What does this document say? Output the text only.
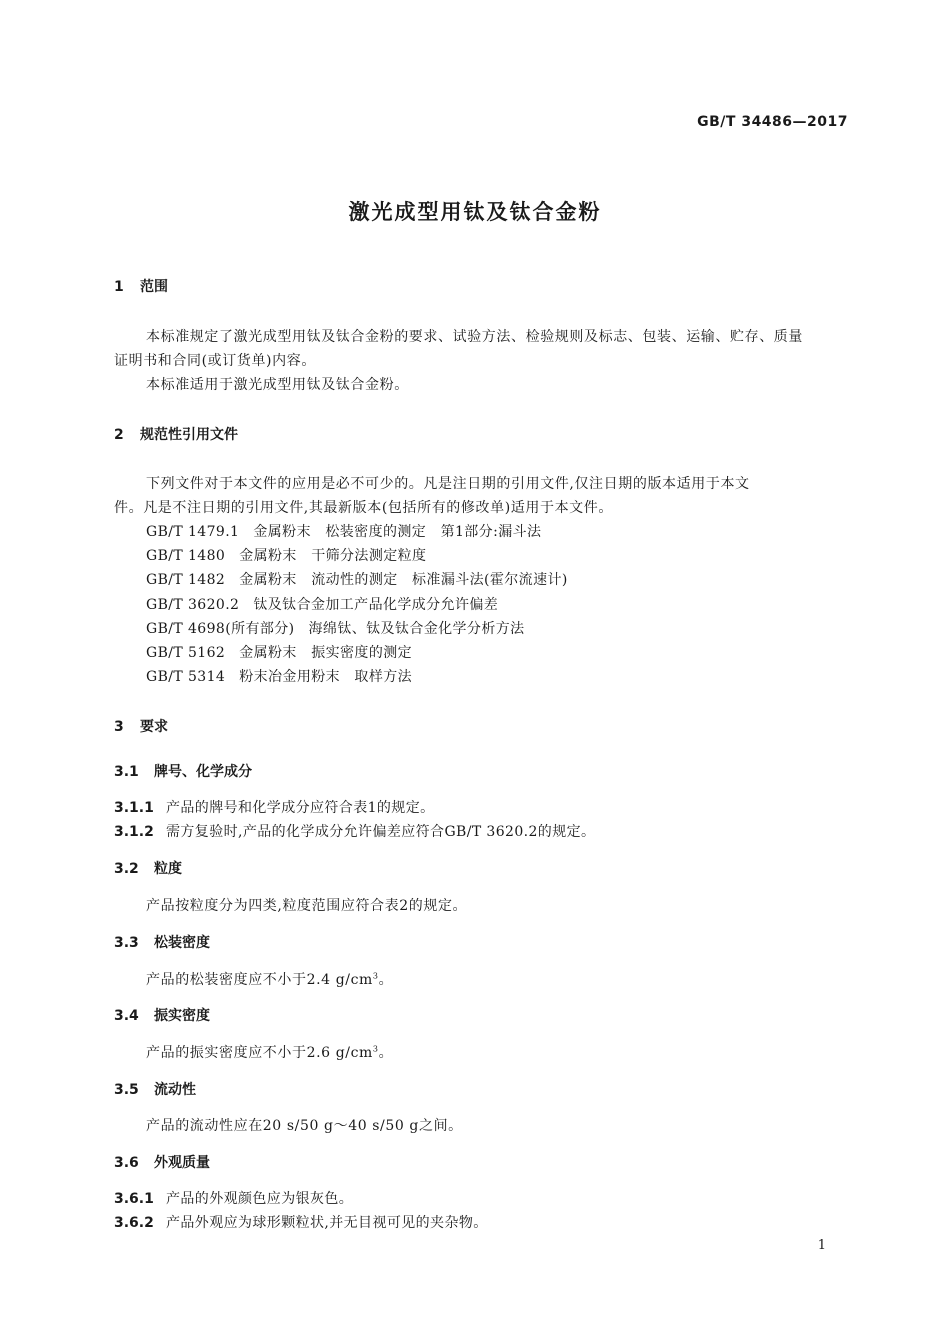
GB/T 34486—2017
激光成型用钛及钛合金粉
1 范围
本标准规定了激光成型用钛及钛合金粉的要求、试验方法、检验规则及标志、包装、运输、贮存、质量
证明书和合同(或订货单)内容。
本标准适用于激光成型用钛及钛合金粉。
2 规范性引用文件
下列文件对于本文件的应用是必不可少的。凡是注日期的引用文件,仅注日期的版本适用于本文
件。凡是不注日期的引用文件,其最新版本(包括所有的修改单)适用于本文件。
GB/T 1479.1 金属粉末　松装密度的测定　第1部分:漏斗法
GB/T 1480 金属粉末　干筛分法测定粒度
GB/T 1482 金属粉末　流动性的测定　标准漏斗法(霍尔流速计)
GB/T 3620.2 钛及钛合金加工产品化学成分允许偏差
GB/T 4698(所有部分) 海绵钛、钛及钛合金化学分析方法
GB/T 5162 金属粉末　振实密度的测定
GB/T 5314 粉末冶金用粉末　取样方法
3 要求
3.1 牌号、化学成分
3.1.1 产品的牌号和化学成分应符合表1的规定。
3.1.2 需方复验时,产品的化学成分允许偏差应符合GB/T 3620.2的规定。
3.2 粒度
产品按粒度分为四类,粒度范围应符合表2的规定。
3.3 松装密度
产品的松装密度应不小于2.4 $g/cm^3$。
3.4 振实密度
产品的振实密度应不小于2.6 $g/cm^3$。
3.5 流动性
产品的流动性应在20 s/50 g～40 s/50 g之间。
3.6 外观质量
3.6.1 产品的外观颜色应为银灰色。
3.6.2 产品外观应为球形颗粒状,并无目视可见的夹杂物。
1
